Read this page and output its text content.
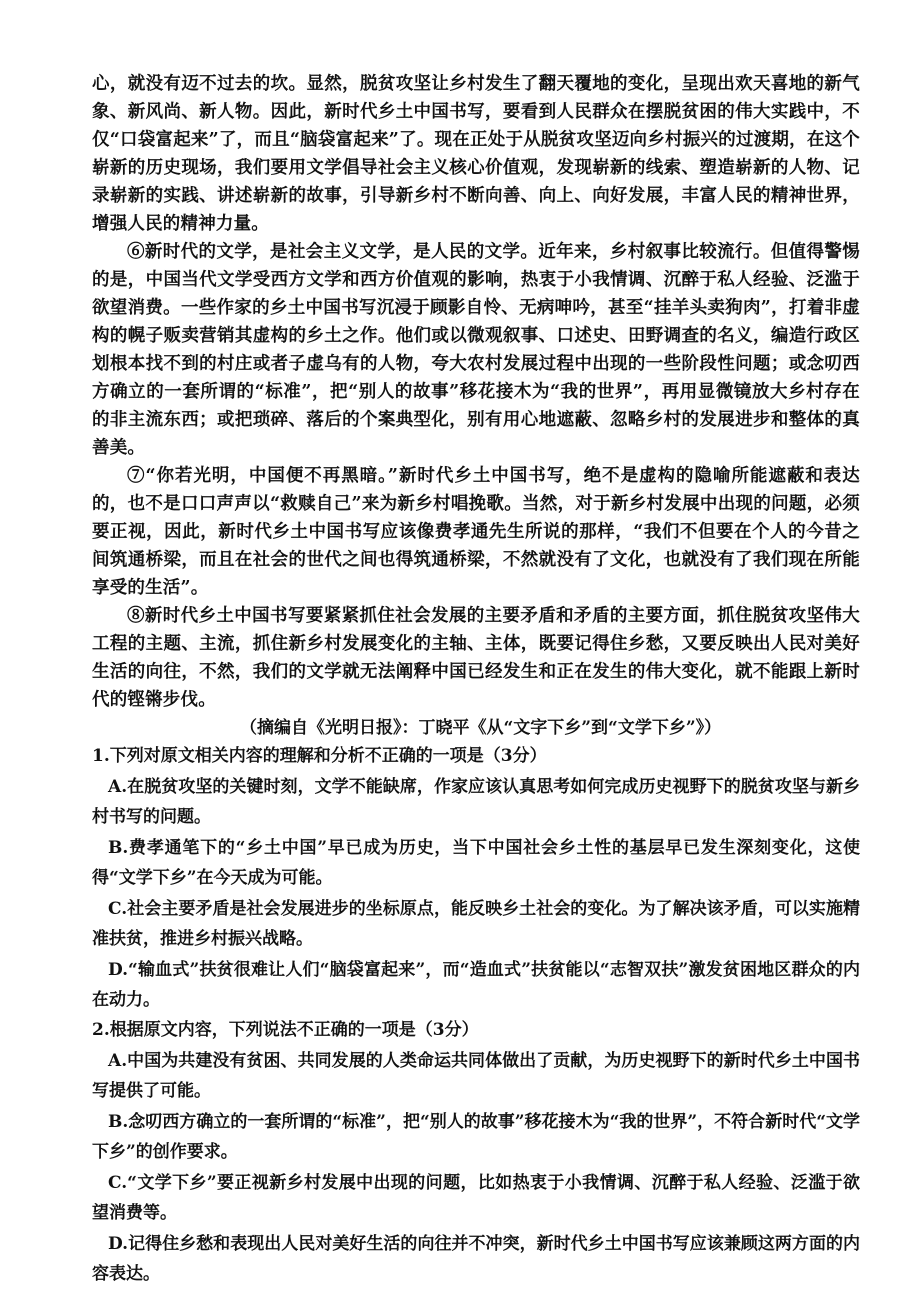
心，就没有迈不过去的坎。显然，脱贫攻坚让乡村发生了翻天覆地的变化，呈现出欢天喜地的新气象、新风尚、新人物。因此，新时代乡土中国书写，要看到人民群众在摆脱贫困的伟大实践中，不仅“口袋富起来”了，而且“脑袋富起来”了。现在正处于从脱贫攻坚迈向乡村振兴的过渡期，在这个崭新的历史现场，我们要用文学倡导社会主义核心价值观，发现崭新的线索、塑造崭新的人物、记录崭新的实践、讲述崭新的故事，引导新乡村不断向善、向上、向好发展，丰富人民的精神世界，增强人民的精神力量。

⑥新时代的文学，是社会主义文学，是人民的文学。近年来，乡村叙事比较流行。但值得警惕的是，中国当代文学受西方文学和西方价值观的影响，热衷于小我情调、沉醉于私人经验、泛滥于欲望消费。一些作家的乡土中国书写沉浸于顾影自怜、无病呻吟，甚至“挂羊头卖狗肉”，打着非虚构的幌子贩卖营销其虚构的乡土之作。他们或以微观叙事、口述史、田野调查的名义，编造行政区划根本找不到的村庄或者子虚乌有的人物，夸大农村发展过程中出现的一些阶段性问题；或念叨西方确立的一套所谓的“标准”，把“别人的故事”移花接木为“我的世界”，再用显微镜放大乡村存在的非主流东西；或把琐碎、落后的个案典型化，别有用心地遮蔽、忽略乡村的发展进步和整体的真善美。

⑦“你若光明，中国便不再黑暗。”新时代乡土中国书写，绝不是虚构的隐喻所能遮蔽和表达的，也不是口口声声以“救赎自己”来为新乡村唱挽歌。当然，对于新乡村发展中出现的问题，必须要正视，因此，新时代乡土中国书写应该像费孝通先生所说的那样，“我们不但要在个人的今昔之间筑通桥梁，而且在社会的世代之间也得筑通桥梁，不然就没有了文化，也就没有了我们现在所能享受的生活”。

⑧新时代乡土中国书写要紧紧抓住社会发展的主要矛盾和矛盾的主要方面，抓住脱贫攻坚伟大工程的主题、主流，抓住新乡村发展变化的主轴、主体，既要记得住乡愁，又要反映出人民对美好生活的向往，不然，我们的文学就无法阐释中国已经发生和正在发生的伟大变化，就不能跟上新时代的铿锵步伐。

（摘编自《光明日报》：丁晓平《从“文字下乡”到“文学下乡”》）

1.下列对原文相关内容的理解和分析不正确的一项是（3分）

A.在脱贫攻坚的关键时刻，文学不能缺席，作家应该认真思考如何完成历史视野下的脱贫攻坚与新乡村书写的问题。

B.费孝通笔下的“乡土中国”早已成为历史，当下中国社会乡土性的基层早已发生深刻变化，这使得“文学下乡”在今天成为可能。

C.社会主要矛盾是社会发展进步的坐标原点，能反映乡土社会的变化。为了解决该矛盾，可以实施精准扶贫，推进乡村振兴战略。

D.“输血式”扶贫很难让人们“脑袋富起来”，而“造血式”扶贫能以“志智双扶”激发贫困地区群众的内在动力。

2.根据原文内容，下列说法不正确的一项是（3分）

A.中国为共建没有贫困、共同发展的人类命运共同体做出了贡献，为历史视野下的新时代乡土中国书写提供了可能。

B.念叨西方确立的一套所谓的“标准”，把“别人的故事”移花接木为“我的世界”，不符合新时代“文学下乡”的创作要求。

C.“文学下乡”要正视新乡村发展中出现的问题，比如热衷于小我情调、沉醉于私人经验、泛滥于欲望消费等。

D.记得住乡愁和表现出人民对美好生活的向往并不冲突，新时代乡土中国书写应该兼顾这两方面的内容表达。
